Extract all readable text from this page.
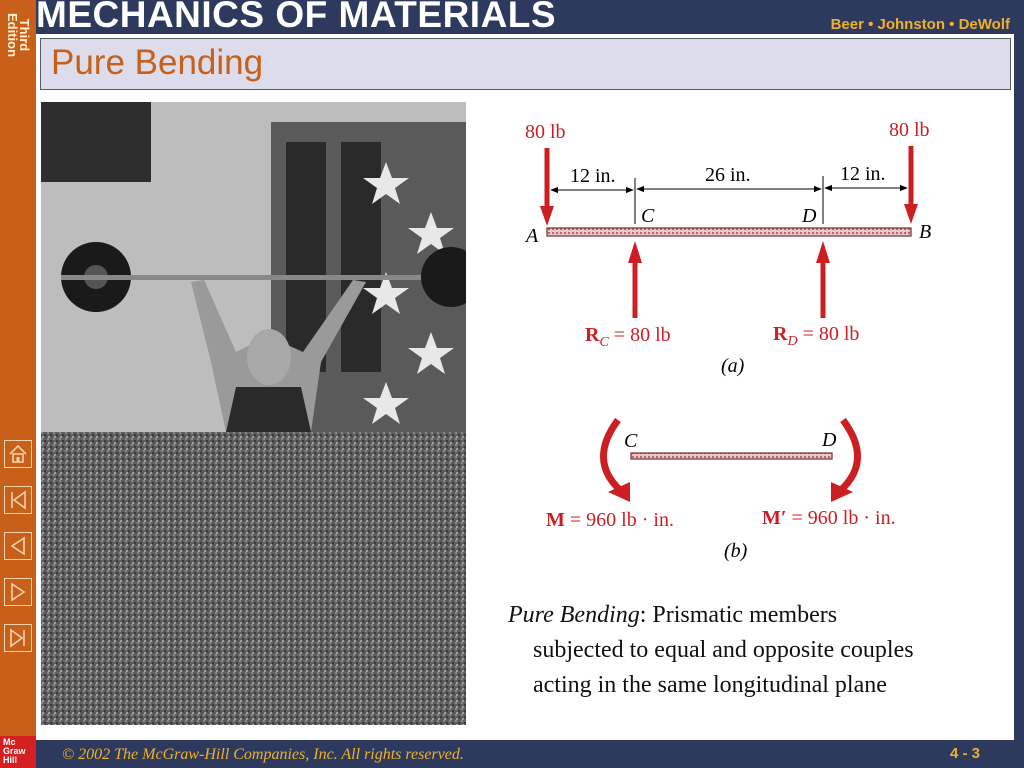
Third
Edition MECHANICS OF MATERIALS	Beer • Johnston • DeWolf
Pure Bending
80 lb	80 lb
12 in.	26 in.	12 in.
A	B
C	D
$R_C = 80$ lb	$R_D = 80$ lb
(a)
C	D
M = 960 lb · in.	M′ = 960 lb · in.
(b)
Pure Bending: Prismatic members
subjected to equal and opposite couples
acting in the same longitudinal plane
Mc
Graw
Hill	© 2002 The McGraw-Hill Companies, Inc. All rights reserved.	4 - 3
